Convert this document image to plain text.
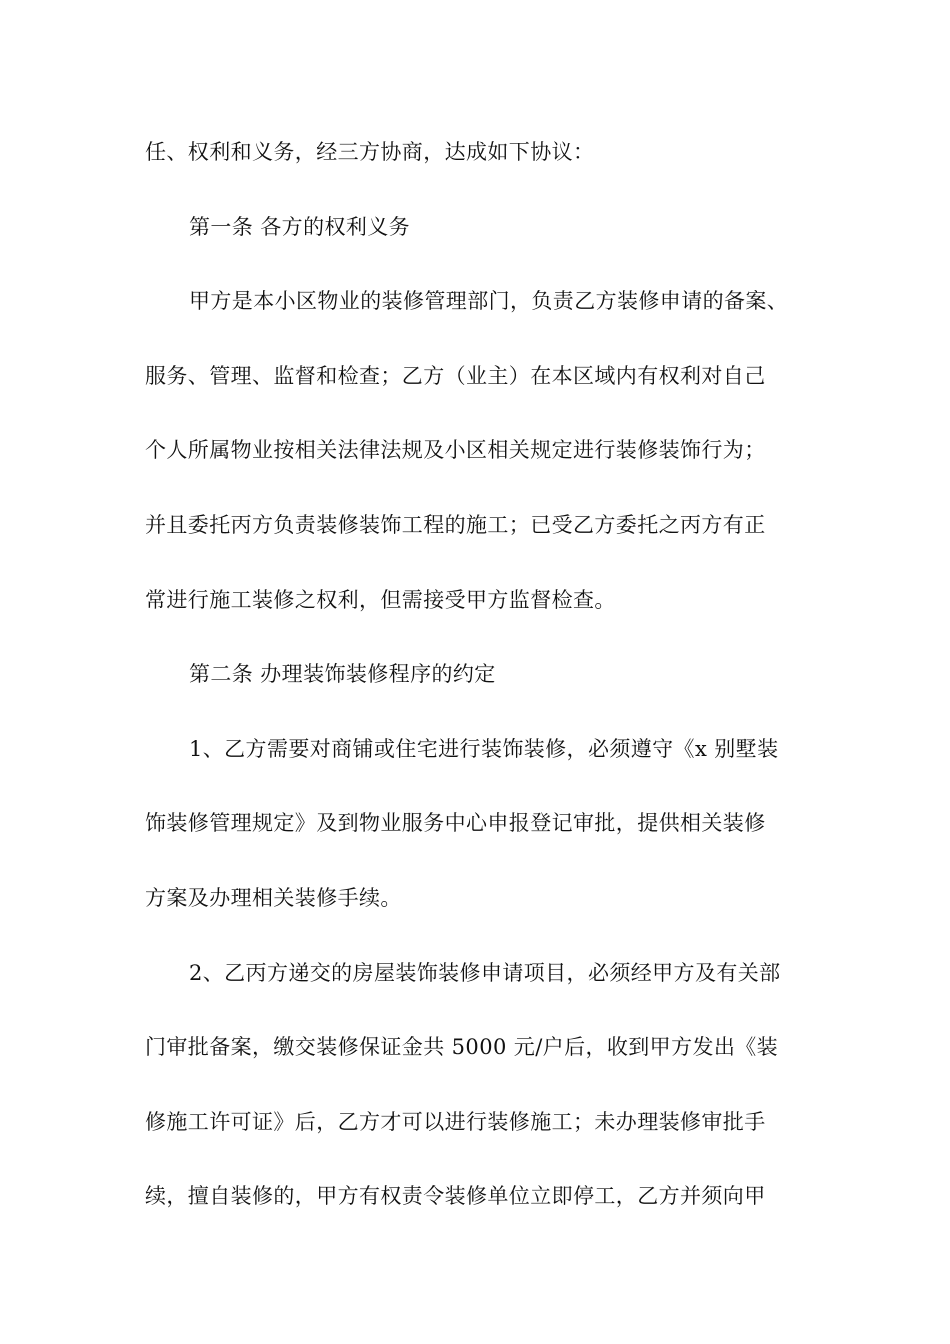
任、权利和义务，经三方协商，达成如下协议：
第一条 各方的权利义务
甲方是本小区物业的装修管理部门，负责乙方装修申请的备案、
服务、管理、监督和检查；乙方（业主）在本区域内有权利对自己
个人所属物业按相关法律法规及小区相关规定进行装修装饰行为；
并且委托丙方负责装修装饰工程的施工；已受乙方委托之丙方有正
常进行施工装修之权利，但需接受甲方监督检查。
第二条 办理装饰装修程序的约定
1、乙方需要对商铺或住宅进行装饰装修，必须遵守《x 别墅装
饰装修管理规定》及到物业服务中心申报登记审批，提供相关装修
方案及办理相关装修手续。
2、乙丙方递交的房屋装饰装修申请项目，必须经甲方及有关部
门审批备案，缴交装修保证金共 5000 元/户后，收到甲方发出《装
修施工许可证》后，乙方才可以进行装修施工；未办理装修审批手
续，擅自装修的，甲方有权责令装修单位立即停工，乙方并须向甲
